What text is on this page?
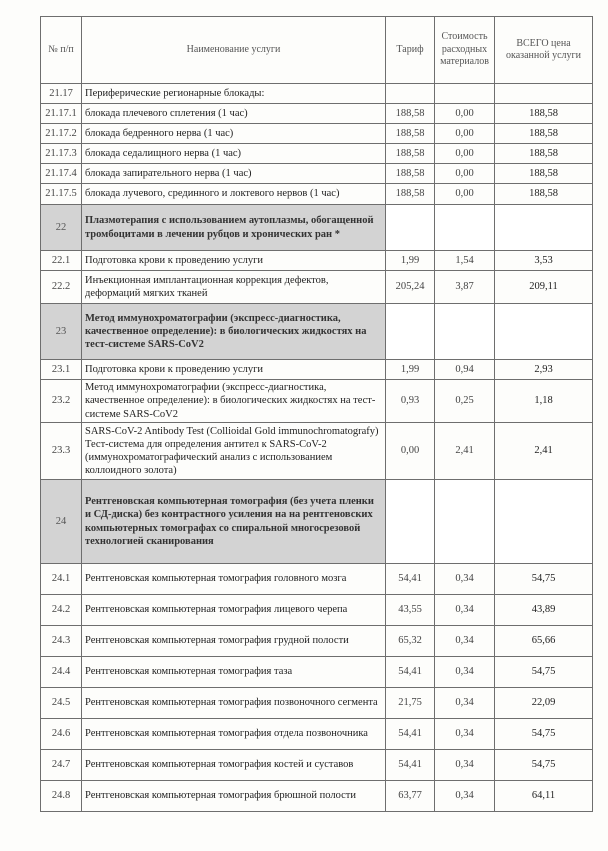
№ п/п	Наименование услуги	Тариф	Стоимость расходных материалов	ВСЕГО цена оказанной услуги
21.17	Периферические регионарные блокады:			
21.17.1	блокада плечевого сплетения (1 час)	188,58	0,00	188,58
21.17.2	блокада бедренного нерва (1 час)	188,58	0,00	188,58
21.17.3	блокада седалищного нерва (1 час)	188,58	0,00	188,58
21.17.4	блокада запирательного нерва (1 час)	188,58	0,00	188,58
21.17.5	блокада лучевого, срединного и локтевого нервов (1 час)	188,58	0,00	188,58
22	Плазмотерапия с использованием аутоплазмы, обогащенной тромбоцитами в лечении рубцов и хронических ран *			
22.1	Подготовка крови к проведению услуги	1,99	1,54	3,53
22.2	Инъекционная имплантационная коррекция дефектов, деформаций мягких тканей	205,24	3,87	209,11
23	Метод иммунохроматографии (экспресс-диагностика, качественное определение): в биологических жидкостях на тест-системе SARS-CoV2			
23.1	Подготовка крови к проведению услуги	1,99	0,94	2,93
23.2	Метод иммунохроматографии (экспресс-диагностика, качественное определение): в биологических жидкостях на тест-системе SARS-CoV2	0,93	0,25	1,18
23.3	SARS-CoV-2 Antibody Test (Collioidal Gold immunochromatografy) Тест-система для определения антител к SARS-CoV-2 (иммунохроматографический анализ с использованием коллоидного золота)	0,00	2,41	2,41
24	Рентгеновская компьютерная томография (без учета пленки и СД-диска) без контрастного усиления на на рентгеновских компьютерных томографах со спиральной многосрезовой технологией сканирования			
24.1	Рентгеновская компьютерная томография головного мозга	54,41	0,34	54,75
24.2	Рентгеновская компьютерная томография лицевого черепа	43,55	0,34	43,89
24.3	Рентгеновская компьютерная томография грудной полости	65,32	0,34	65,66
24.4	Рентгеновская компьютерная томография таза	54,41	0,34	54,75
24.5	Рентгеновская компьютерная томография позвоночного сегмента	21,75	0,34	22,09
24.6	Рентгеновская компьютерная томография отдела позвоночника	54,41	0,34	54,75
24.7	Рентгеновская компьютерная томография костей и суставов	54,41	0,34	54,75
24.8	Рентгеновская компьютерная томография брюшной полости	63,77	0,34	64,11
